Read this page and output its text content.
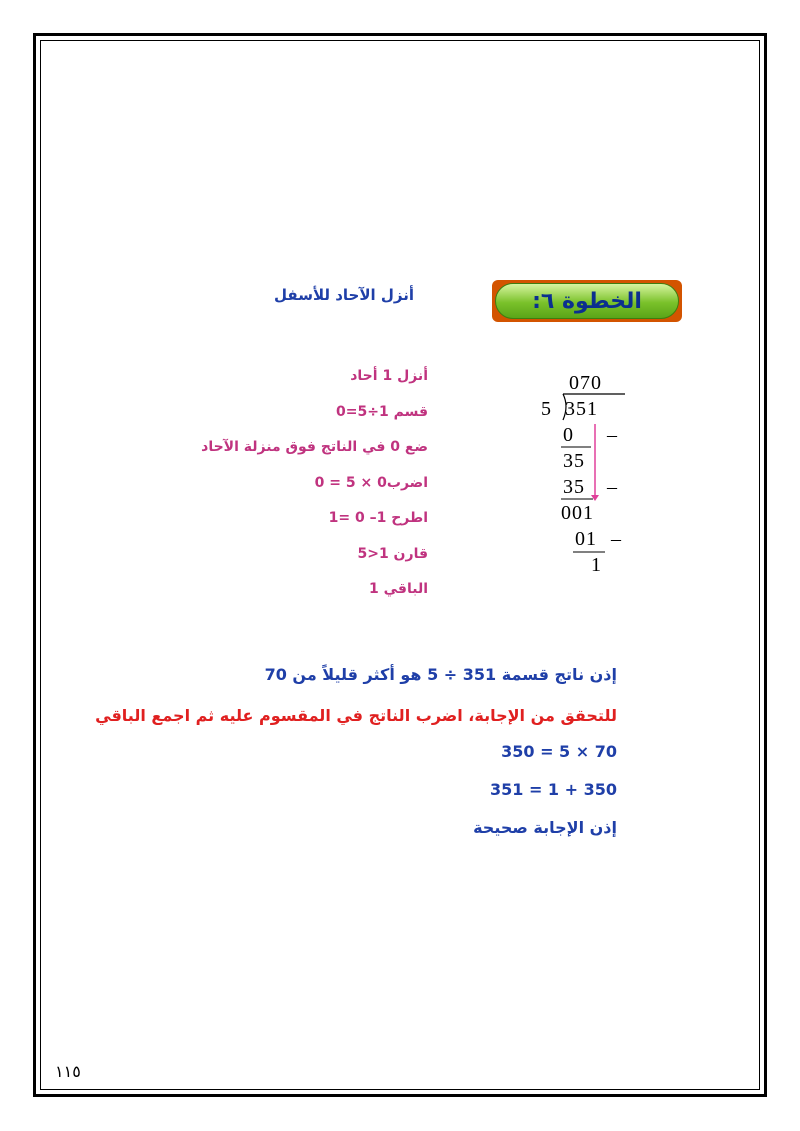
الخطوة ٦:
أنزل الآحاد للأسفل
أنزل 1 أحاد
قسم 1÷5=0
ضع 0 في الناتج فوق منزلة الآحاد
اضرب0 × 5 = 0
اطرح 1– 0 =1
قارن 1<5
الباقي 1
070
5 351
0 –
35
35 –
001
01 –
1
إذن ناتج قسمة 351 ÷ 5 هو أكثر قليلاً من 70
للتحقق من الإجابة، اضرب الناتج في المقسوم عليه ثم اجمع الباقي
350 = 5 × 70
351 = 1 + 350
إذن الإجابة صحيحة
١١٥
